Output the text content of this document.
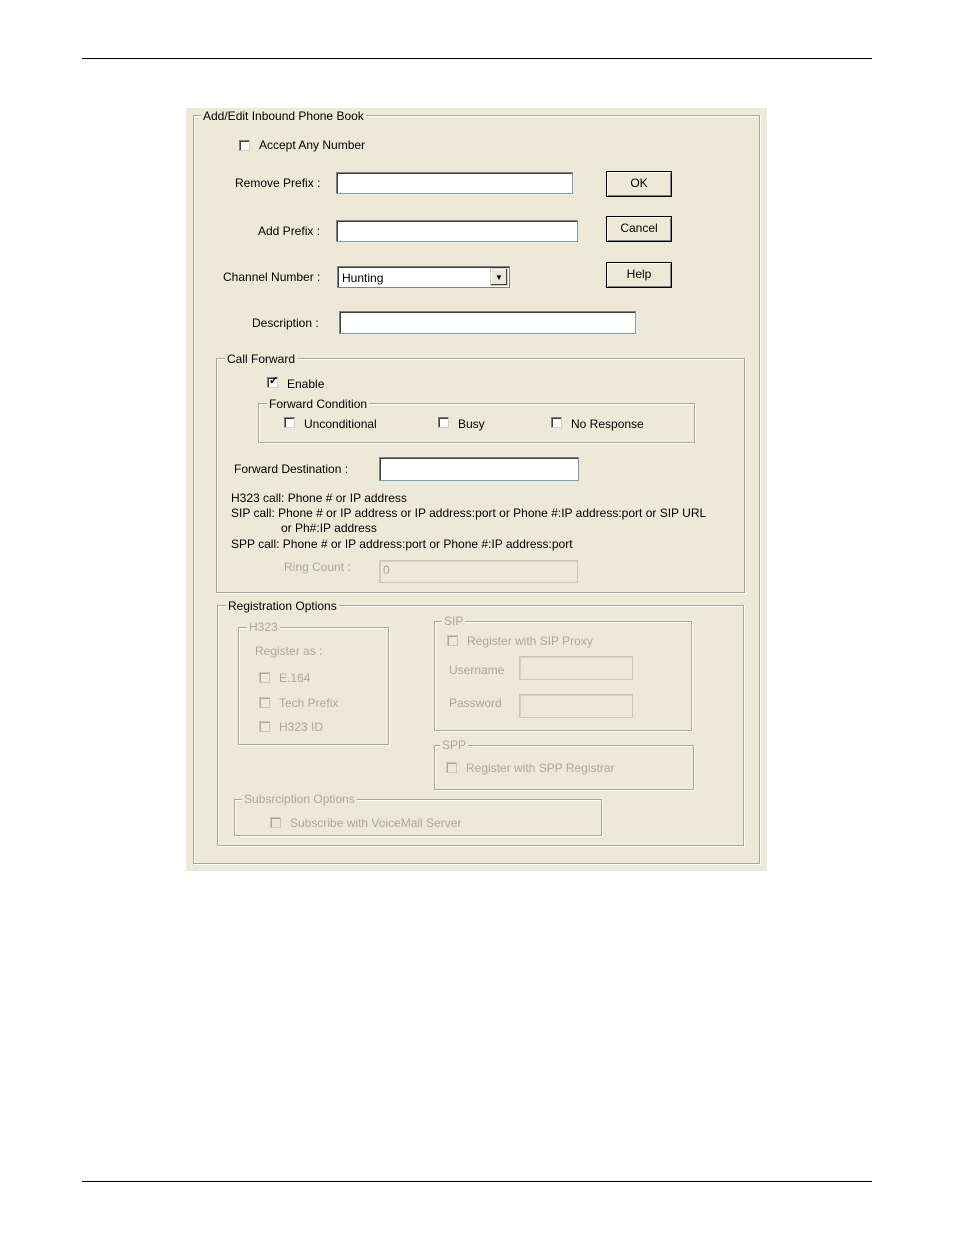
Add/Edit Inbound Phone Book
Accept Any Number
Remove Prefix :
Add Prefix :
Channel Number : Hunting	▼
Description :
OK
Cancel
Help
Call Forward
✓ Enable
Forward Condition
Unconditional	Busy	No Response
Forward Destination :
H323 call: Phone # or IP address
SIP call: Phone # or IP address or IP address:port or Phone #:IP address:port or SIP URL
or Ph#:IP address
SPP call: Phone # or IP address:port or Phone #:IP address:port
Ring Count :	0
Registration Options
H323
Register as :
E.164
Tech Prefix
H323 ID
SIP
Register with SIP Proxy
Username
Password
SPP
Register with SPP Registrar
Subsrciption Options
Subscribe with VoiceMail Server
